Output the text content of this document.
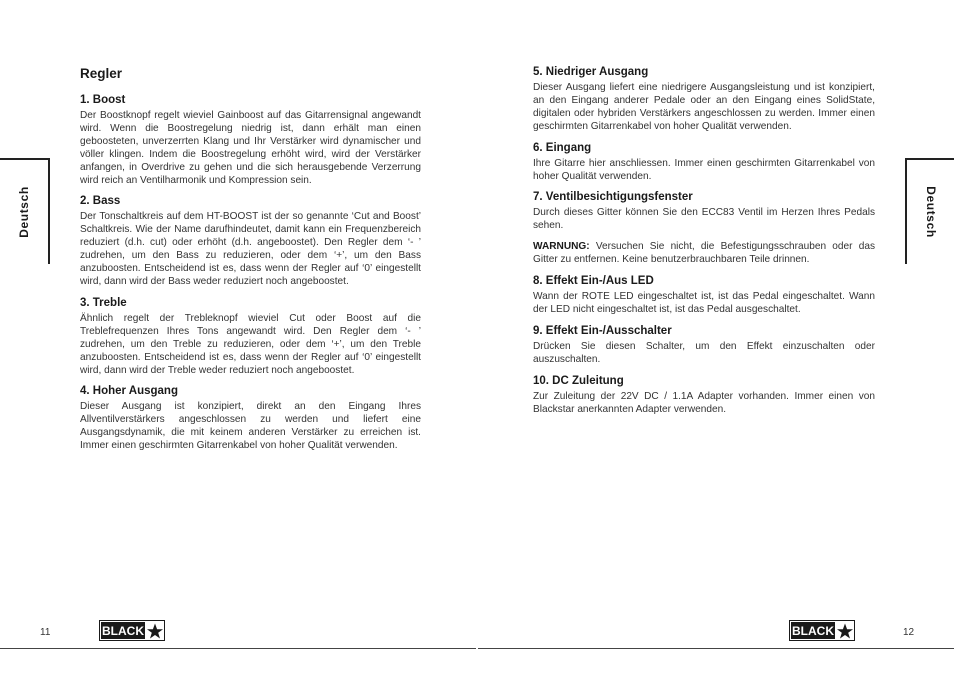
Deutsch	Deutsch
Regler
1. Boost

Der Boostknopf regelt wieviel Gainboost auf das Gitarrensignal angewandt wird. Wenn die Boostregelung niedrig ist, dann erhält man einen geboosteten, unverzerrten Klang und Ihr Verstärker wird dynamischer und völler klingen. Indem die Boostregelung erhöht wird, wird der Verstärker anfangen, in Overdrive zu gehen und die sich herausgebende Verzerrung wird reich an Ventilharmonik und Kompression sein.

2. Bass

Der Tonschaltkreis auf dem HT-BOOST ist der so genannte ‘Cut and Boost’ Schaltkreis. Wie der Name darufhindeutet, damit kann ein Frequenzbereich reduziert (d.h. cut) oder erhöht (d.h. angeboostet). Den Regler dem ‘- ’ zudrehen, um den Bass zu reduzieren, oder dem ‘+’, um den Bass anzuboosten. Entscheidend ist es, dass wenn der Regler auf ‘0’ eingestellt wird, dann wird der Bass weder reduziert noch angeboostet.

3. Treble

Ähnlich regelt der Trebleknopf wieviel Cut oder Boost auf die Treblefrequenzen Ihres Tons angewandt wird. Den Regler dem ‘- ’ zudrehen, um den Treble zu reduzieren, oder dem ‘+’, um den Treble anzuboosten. Entscheidend ist es, dass wenn der Regler auf ‘0’ eingestellt wird, dann wird der Treble weder reduziert noch angeboostet.

4. Hoher Ausgang

Dieser Ausgang ist konzipiert, direkt an den Eingang Ihres Allventilverstärkers angeschlossen zu werden und liefert eine Ausgangsdynamik, die mit keinem anderen Verstärker zu erreichen ist. Immer einen geschirmten Gitarrenkabel von hoher Qualität verwenden.

5. Niedriger Ausgang

Dieser Ausgang liefert eine niedrigere Ausgangsleistung und ist konzipiert, an den Eingang anderer Pedale oder an den Eingang eines SolidState, digitalen oder hybriden Verstärkers angeschlossen zu werden. Immer einen geschirmten Gitarrenkabel von hoher Qualität verwenden.

6. Eingang

Ihre Gitarre hier anschliessen. Immer einen geschirmten Gitarrenkabel von hoher Qualität verwenden.

7. Ventilbesichtigungsfenster

Durch dieses Gitter können Sie den ECC83 Ventil im Herzen Ihres Pedals sehen.

WARNUNG: Versuchen Sie nicht, die Befestigungsschrauben oder das Gitter zu entfernen. Keine benutzerbrauchbaren Teile drinnen.

8. Effekt Ein-/Aus LED

Wann der ROTE LED eingeschaltet ist, ist das Pedal eingeschaltet. Wann der LED nicht eingeschaltet ist, ist das Pedal ausgeschaltet.

9. Effekt Ein-/Ausschalter

Drücken Sie diesen Schalter, um den Effekt einzuschalten oder auszuschalten.

10. DC Zuleitung

Zur Zuleitung der 22V DC / 1.1A Adapter vorhanden. Immer einen von Blackstar anerkannten Adapter verwenden.

11	12
BLACK	BLACK
